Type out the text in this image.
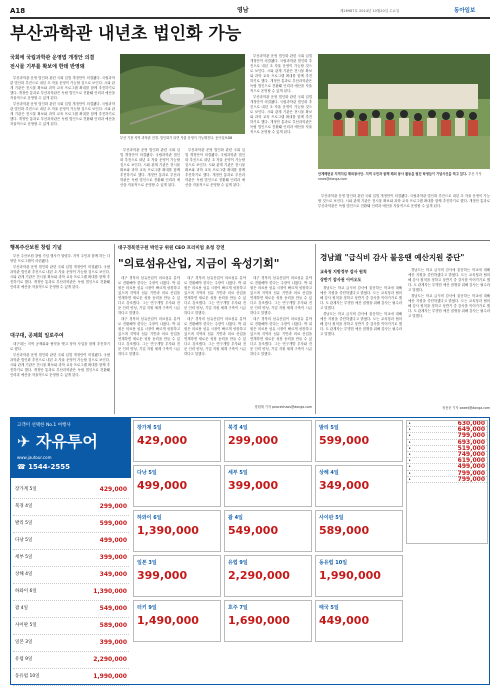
A18	영남	제28987호 2014년 10월20일 수요일	동아일보
부산과학관 내년초 법인화 가능
국회에 국립과학관 운영법 개정안 의결
전시물 기부를 확보에 한데 반영돼

부산과학관 운영 법인화 관련 국회 입법 개정안이 의결됐다. 국립과학관 법인화 추진으로 내년 초 자율 운영이 가능할 것으로 보인다. 시와 관계 기관은 전시물 확보와 과학 교육 프로그램 확대를 함께 추진하기로 했다. 개정안 통과로 부산과학관은 독립 법인으로 전환돼 인력과 예산을 자율적으로 운영할 수 있게 된다.

부산과학관 운영 법인화 관련 국회 입법 개정안이 의결됐다. 국립과학관 법인화 추진으로 내년 초 자율 운영이 가능할 것으로 보인다. 시와 관계 기관은 전시물 확보와 과학 교육 프로그램 확대를 함께 추진하기로 했다. 개정안 통과로 부산과학관은 독립 법인으로 전환돼 인력과 예산을 자율적으로 운영할 수 있게 된다.

부산 기장 지역 과학관 전경. 법인화가 되면 자율 운영이 가능해진다. 동아일보DB

부산과학관 운영 법인화 관련 국회 입법 개정안이 의결됐다. 국립과학관 법인화 추진으로 내년 초 자율 운영이 가능할 것으로 보인다. 시와 관계 기관은 전시물 확보와 과학 교육 프로그램 확대를 함께 추진하기로 했다. 개정안 통과로 부산과학관은 독립 법인으로 전환돼 인력과 예산을 자율적으로 운영할 수 있게 된다.

부산과학관 운영 법인화 관련 국회 입법 개정안이 의결됐다. 국립과학관 법인화 추진으로 내년 초 자율 운영이 가능할 것으로 보인다. 시와 관계 기관은 전시물 확보와 과학 교육 프로그램 확대를 함께 추진하기로 했다. 개정안 통과로 부산과학관은 독립 법인으로 전환돼 인력과 예산을 자율적으로 운영할 수 있게 된다.

부산과학관 운영 법인화 관련 국회 입법 개정안이 의결됐다. 국립과학관 법인화 추진으로 내년 초 자율 운영이 가능할 것으로 보인다. 시와 관계 기관은 전시물 확보와 과학 교육 프로그램 확대를 함께 추진하기로 했다. 개정안 통과로 부산과학관은 독립 법인으로 전환돼 인력과 예산을 자율적으로 운영할 수 있게 된다.

부산과학관 운영 법인화 관련 국회 입법 개정안이 의결됐다. 국립과학관 법인화 추진으로 내년 초 자율 운영이 가능할 것으로 보인다. 시와 관계 기관은 전시물 확보와 과학 교육 프로그램 확대를 함께 추진하기로 했다. 개정안 통과로 부산과학관은 독립 법인으로 전환돼 인력과 예산을 자율적으로 운영할 수 있게 된다.

안계해변공 지역지킴 해외봉사단. 지역 주민과 함께 해외 봉사 활동을 펼친 학생들이 기념사진을 찍고 있다. 부산 기자 news@donga.com

부산과학관 운영 법인화 관련 국회 입법 개정안이 의결됐다. 국립과학관 법인화 추진으로 내년 초 자율 운영이 가능할 것으로 보인다. 시와 관계 기관은 전시물 확보와 과학 교육 프로그램 확대를 함께 추진하기로 했다. 개정안 통과로 부산과학관은 독립 법인으로 전환돼 인력과 예산을 자율적으로 운영할 수 있게 된다.

행복주산보원 창립 기념

부산 주산보원 창립 기념 행사가 열렸다. 지역 주민과 함께 하는 다양한 프로그램이 마련됐다.

부산과학관 운영 법인화 관련 국회 입법 개정안이 의결됐다. 국립과학관 법인화 추진으로 내년 초 자율 운영이 가능할 것으로 보인다. 시와 관계 기관은 전시물 확보와 과학 교육 프로그램 확대를 함께 추진하기로 했다. 개정안 통과로 부산과학관은 독립 법인으로 전환돼 인력과 예산을 자율적으로 운영할 수 있게 된다.

대구대, 공제회 일로주여

대구대는 지역 공제회와 협약을 맺고 장학 사업을 함께 추진하기로 했다.

부산과학관 운영 법인화 관련 국회 입법 개정안이 의결됐다. 국립과학관 법인화 추진으로 내년 초 자율 운영이 가능할 것으로 보인다. 시와 관계 기관은 전시물 확보와 과학 교육 프로그램 확대를 함께 추진하기로 했다. 개정안 통과로 부산과학관은 독립 법인으로 전환돼 인력과 예산을 자율적으로 운영할 수 있게 된다.

대구경북연구원 박인규 위원 CEO 프리미엄 초청 강연
"의료섬유산업, 지금이 육성기회"

대구 경북의 섬유산업이 의료섬유 분야로 전환해야 한다는 주장이 나왔다. 박 위원은 의료용 섬유 시장이 빠르게 성장하고 있으며 지역의 섬유 기반과 의료 산업을 연계하면 새로운 성장 동력을 만들 수 있다고 강조했다. 그는 연구개발 투자와 전문 인력 양성, 기업 지원 체계 구축이 시급하다고 말했다.

대구 경북의 섬유산업이 의료섬유 분야로 전환해야 한다는 주장이 나왔다. 박 위원은 의료용 섬유 시장이 빠르게 성장하고 있으며 지역의 섬유 기반과 의료 산업을 연계하면 새로운 성장 동력을 만들 수 있다고 강조했다. 그는 연구개발 투자와 전문 인력 양성, 기업 지원 체계 구축이 시급하다고 말했다.

대구 경북의 섬유산업이 의료섬유 분야로 전환해야 한다는 주장이 나왔다. 박 위원은 의료용 섬유 시장이 빠르게 성장하고 있으며 지역의 섬유 기반과 의료 산업을 연계하면 새로운 성장 동력을 만들 수 있다고 강조했다. 그는 연구개발 투자와 전문 인력 양성, 기업 지원 체계 구축이 시급하다고 말했다.

대구 경북의 섬유산업이 의료섬유 분야로 전환해야 한다는 주장이 나왔다. 박 위원은 의료용 섬유 시장이 빠르게 성장하고 있으며 지역의 섬유 기반과 의료 산업을 연계하면 새로운 성장 동력을 만들 수 있다고 강조했다. 그는 연구개발 투자와 전문 인력 양성, 기업 지원 체계 구축이 시급하다고 말했다.

대구 경북의 섬유산업이 의료섬유 분야로 전환해야 한다는 주장이 나왔다. 박 위원은 의료용 섬유 시장이 빠르게 성장하고 있으며 지역의 섬유 기반과 의료 산업을 연계하면 새로운 성장 동력을 만들 수 있다고 강조했다. 그는 연구개발 투자와 전문 인력 양성, 기업 지원 체계 구축이 시급하다고 말했다.

대구 경북의 섬유산업이 의료섬유 분야로 전환해야 한다는 주장이 나왔다. 박 위원은 의료용 섬유 시장이 빠르게 성장하고 있으며 지역의 섬유 기반과 의료 산업을 연계하면 새로운 성장 동력을 만들 수 있다고 강조했다. 그는 연구개발 투자와 전문 인력 양성, 기업 지원 체계 구축이 시급하다고 말했다.

장원재 기자 peacechaos@donga.com
경남道 "급식비 감사 불응땐 예산지원 중단"
교육청 지방정부 감사 원칙
상반기 감사권 이어오도

경남도는 학교 급식비 감사에 불응하는 학교에 대해 예산 지원을 중단하겠다고 밝혔다. 도는 교육청과 협의해 감사 원칙을 정하고 상반기 중 감사를 이어가기로 했다. 도 관계자는 투명한 예산 집행을 위해 감사는 필수라고 말했다.

경남도는 학교 급식비 감사에 불응하는 학교에 대해 예산 지원을 중단하겠다고 밝혔다. 도는 교육청과 협의해 감사 원칙을 정하고 상반기 중 감사를 이어가기로 했다. 도 관계자는 투명한 예산 집행을 위해 감사는 필수라고 말했다.

경남도는 학교 급식비 감사에 불응하는 학교에 대해 예산 지원을 중단하겠다고 밝혔다. 도는 교육청과 협의해 감사 원칙을 정하고 상반기 중 감사를 이어가기로 했다. 도 관계자는 투명한 예산 집행을 위해 감사는 필수라고 말했다.

경남도는 학교 급식비 감사에 불응하는 학교에 대해 예산 지원을 중단하겠다고 밝혔다. 도는 교육청과 협의해 감사 원칙을 정하고 상반기 중 감사를 이어가기로 했다. 도 관계자는 투명한 예산 집행을 위해 감사는 필수라고 말했다.

정용운 기자 sweet@donga.com
고객이 선택한 No.1 여행사
✈ 자유투어
www.jautour.com
☎ 1544-2555
장가계 5일
429,000
북경 4일
299,000
발리 5일
599,000
다낭 5일
499,000
세부 5일
399,000
상해 4일
349,000
하와이 6일
1,390,000
괌 4일
549,000
사이판 5일
589,000
일본 3일
399,000
유럽 9일
2,290,000
동유럽 10일
1,990,000
터키 9일
1,490,000
호주 7일
1,690,000
태국 5일
449,000
▸	630,000
▸	649,000
▸	799,000
▸	693,000
▸	519,000
▸	749,000
▸	619,000
▸	499,000
▸	799,000
▸	799,000
장가계 5일	429,000
북경 4일	299,000
발리 5일	599,000
다낭 5일	499,000
세부 5일	399,000
상해 4일	349,000
하와이 6일	1,390,000
괌 4일	549,000
사이판 5일	589,000
일본 3일	399,000
유럽 9일	2,290,000
동유럽 10일	1,990,000
